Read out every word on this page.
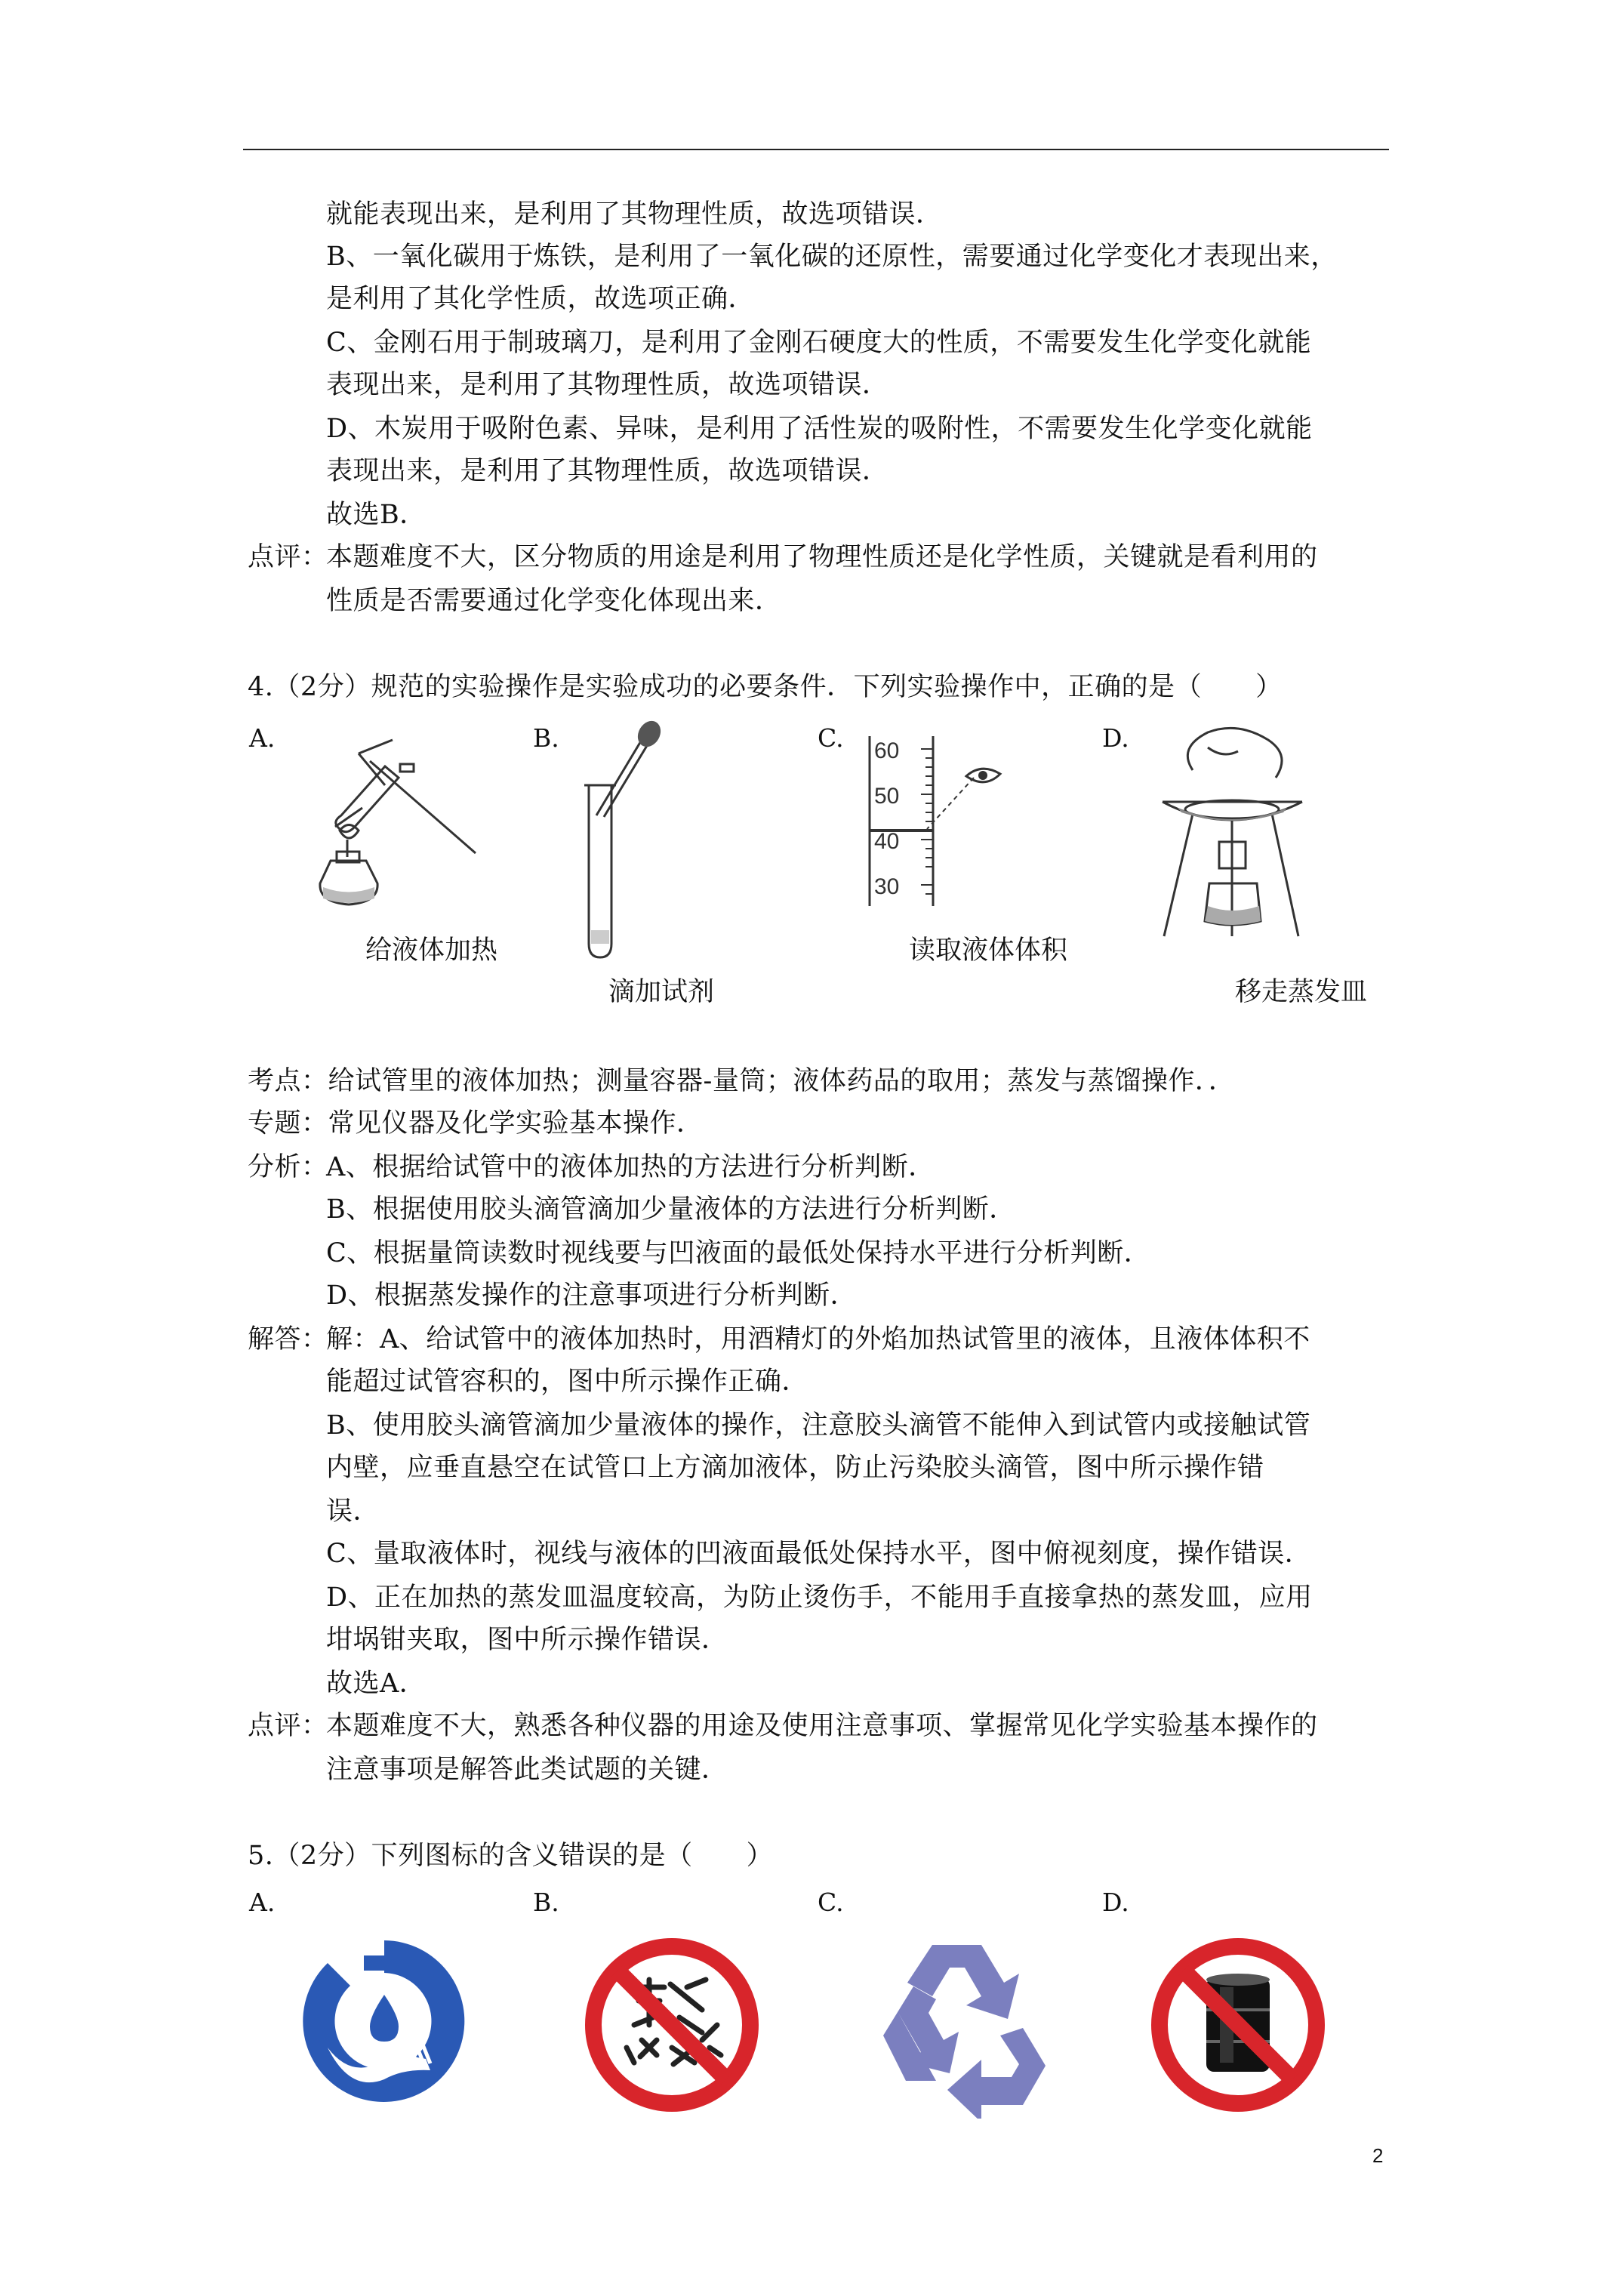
就能表现出来，是利用了其物理性质，故选项错误．
B、一氧化碳用于炼铁，是利用了一氧化碳的还原性，需要通过化学变化才表现出来，
是利用了其化学性质，故选项正确．
C、金刚石用于制玻璃刀，是利用了金刚石硬度大的性质，不需要发生化学变化就能
表现出来，是利用了其物理性质，故选项错误．
D、木炭用于吸附色素、异味，是利用了活性炭的吸附性，不需要发生化学变化就能
表现出来，是利用了其物理性质，故选项错误．
故选B．
点评：
本题难度不大，区分物质的用途是利用了物理性质还是化学性质，关键就是看利用的
性质是否需要通过化学变化体现出来．
4.（2分）规范的实验操作是实验成功的必要条件．下列实验操作中，正确的是（　　）
A.	B.	C.	D.
给液体加热
滴加试剂
60
50
40
30
读取液体体积
移走蒸发皿
考点：给试管里的液体加热；测量容器-量筒；液体药品的取用；蒸发与蒸馏操作．．
专题：常见仪器及化学实验基本操作．
分析：
A、根据给试管中的液体加热的方法进行分析判断．
B、根据使用胶头滴管滴加少量液体的方法进行分析判断．
C、根据量筒读数时视线要与凹液面的最低处保持水平进行分析判断．
D、根据蒸发操作的注意事项进行分析判断．
解答：
解：A、给试管中的液体加热时，用酒精灯的外焰加热试管里的液体，且液体体积不
能超过试管容积的，图中所示操作正确．
B、使用胶头滴管滴加少量液体的操作，注意胶头滴管不能伸入到试管内或接触试管
内壁，应垂直悬空在试管口上方滴加液体，防止污染胶头滴管，图中所示操作错
误．
C、量取液体时，视线与液体的凹液面最低处保持水平，图中俯视刻度，操作错误．
D、正在加热的蒸发皿温度较高，为防止烫伤手，不能用手直接拿热的蒸发皿，应用
坩埚钳夹取，图中所示操作错误．
故选A．
点评：
本题难度不大，熟悉各种仪器的用途及使用注意事项、掌握常见化学实验基本操作的
注意事项是解答此类试题的关键．
5.（2分）下列图标的含义错误的是（　　）
A.	B.	C.	D.
2
